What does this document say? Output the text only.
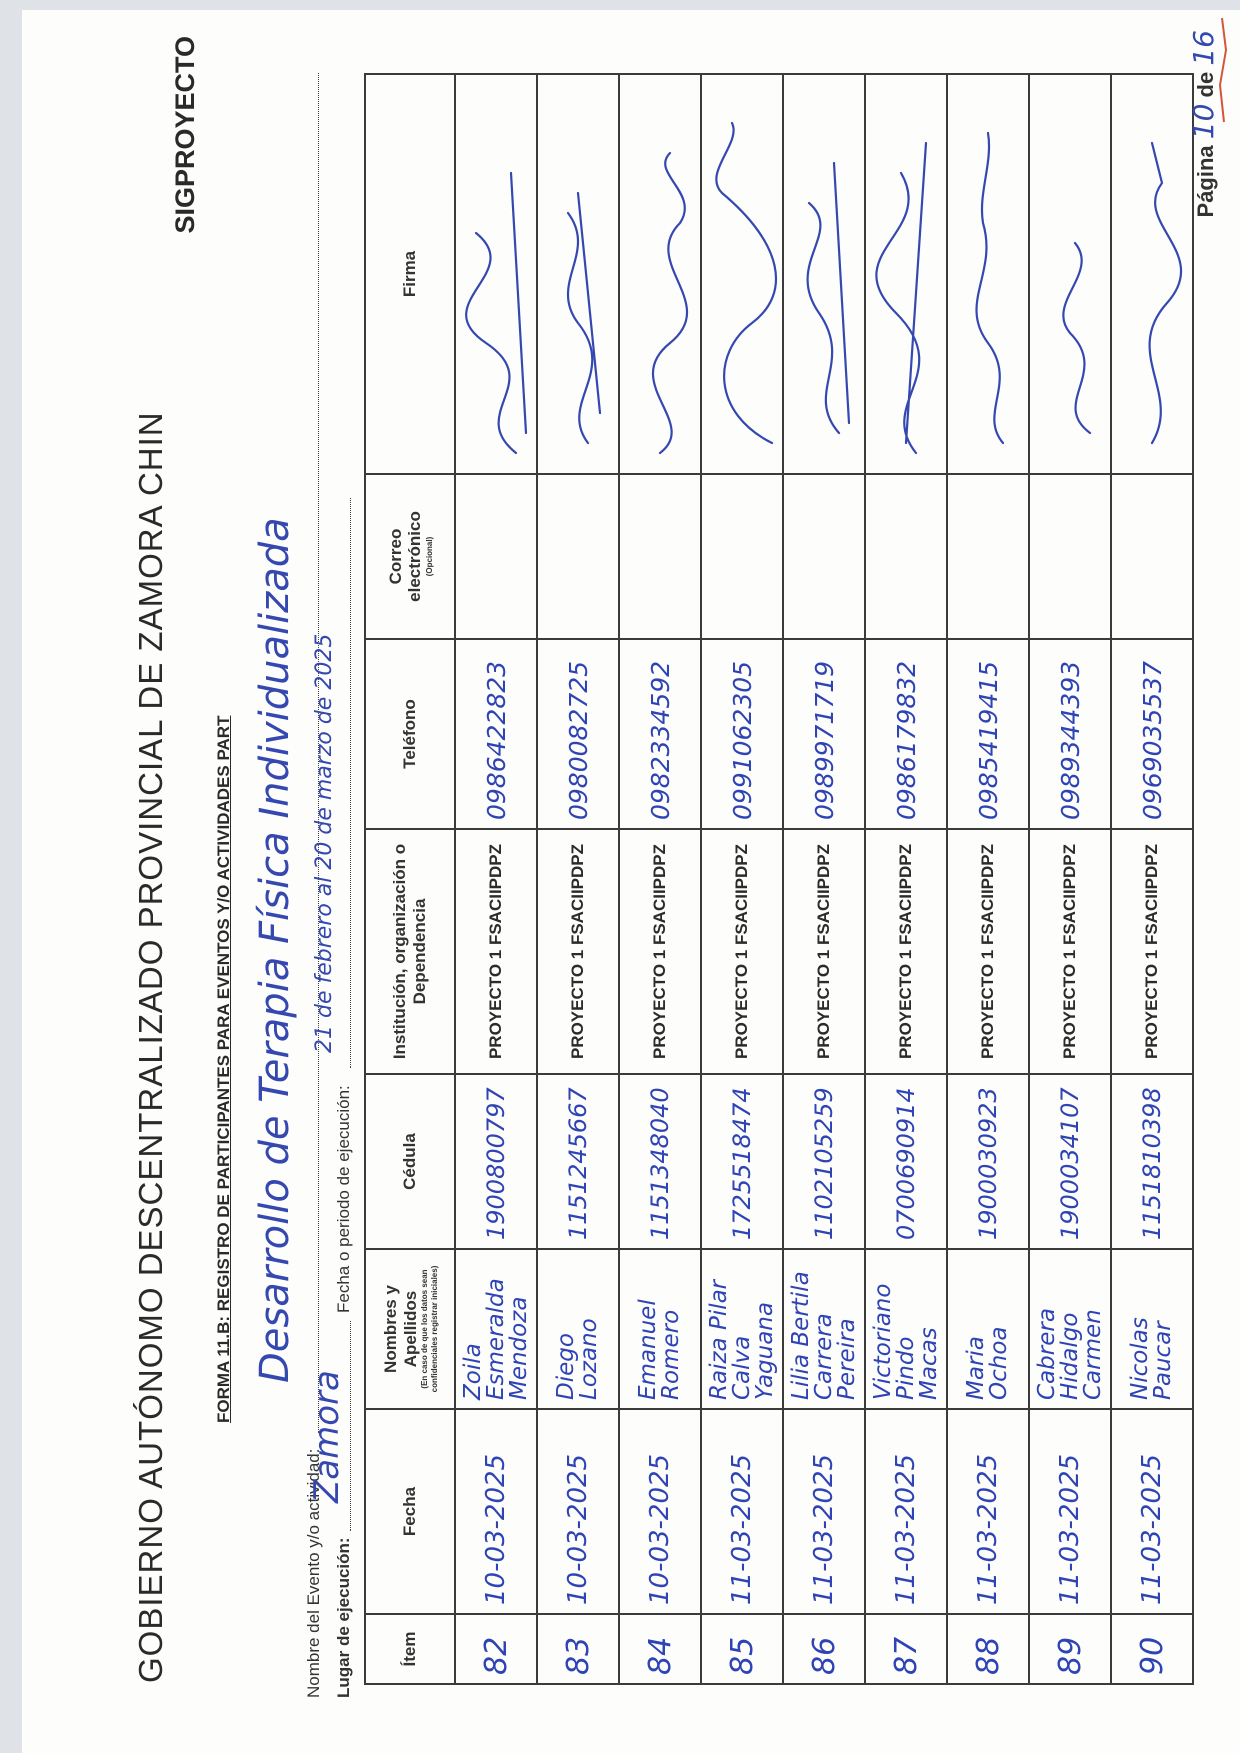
GOBIERNO AUTÓNOMO DESCENTRALIZADO PROVINCIAL DE ZAMORA CHIN
SIGPROYECTO
FORMA 11.B: REGISTRO DE PARTICIPANTES PARA EVENTOS Y/O ACTIVIDADES PART
Nombre del Evento y/o actividad:
Desarrollo de Terapia Física Individualizada
Lugar de ejecución:
Zamora
Fecha o periodo de ejecución:
21 de febrero al 20 de marzo de 2025
Ítem	Fecha	Nombres y Apellidos (En caso de que los datos sean confidenciales registrar iniciales)	Cédula	Institución, organización o Dependencia	Teléfono	Correo electrónico (Opcional)	Firma
82	10-03-2025	Zoila
Esmeralda
Mendoza	1900800797	PROYECTO 1 FSACIIPDPZ	0986422823		

83	10-03-2025	Diego
Lozano	1151245667	PROYECTO 1 FSACIIPDPZ	0980082725		

84	10-03-2025	Emanuel Romero	1151348040	PROYECTO 1 FSACIIPDPZ	0982334592		

85	11-03-2025	Raiza Pilar
Calva Yaguana	1725518474	PROYECTO 1 FSACIIPDPZ	0991062305		

86	11-03-2025	Lilia Bertila
Carrera Pereira	1102105259	PROYECTO 1 FSACIIPDPZ	0989971719		

87	11-03-2025	Victoriano
Pindo Macas	0700690914	PROYECTO 1 FSACIIPDPZ	0986179832		

88	11-03-2025	Maria
Ochoa	1900030923	PROYECTO 1 FSACIIPDPZ	0985419415		

89	11-03-2025	Cabrera
Hidalgo
Carmen	1900034107	PROYECTO 1 FSACIIPDPZ	0989344393		

90	11-03-2025	Nicolas
Paucar	1151810398	PROYECTO 1 FSACIIPDPZ	0969035537		
Página 10 de 16
